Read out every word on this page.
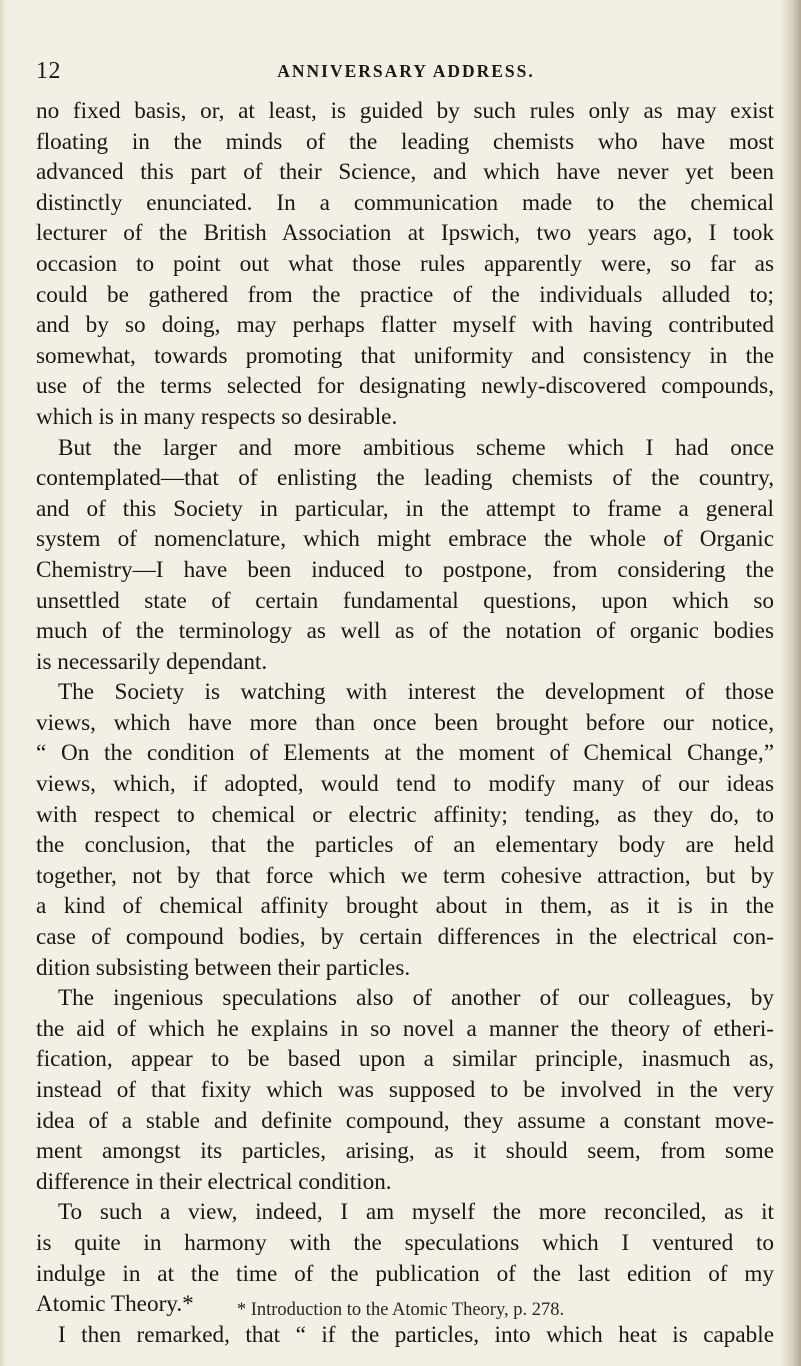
12	ANNIVERSARY ADDRESS.
no fixed basis, or, at least, is guided by such rules only as may exist
floating in the minds of the leading chemists who have most
advanced this part of their Science, and which have never yet been
distinctly enunciated. In a communication made to the chemical
lecturer of the British Association at Ipswich, two years ago, I took
occasion to point out what those rules apparently were, so far as
could be gathered from the practice of the individuals alluded to;
and by so doing, may perhaps flatter myself with having contributed
somewhat, towards promoting that uniformity and consistency in the
use of the terms selected for designating newly-discovered compounds,
which is in many respects so desirable.
But the larger and more ambitious scheme which I had once
contemplated—that of enlisting the leading chemists of the country,
and of this Society in particular, in the attempt to frame a general
system of nomenclature, which might embrace the whole of Organic
Chemistry—I have been induced to postpone, from considering the
unsettled state of certain fundamental questions, upon which so
much of the terminology as well as of the notation of organic bodies
is necessarily dependant.
The Society is watching with interest the development of those
views, which have more than once been brought before our notice,
“ On the condition of Elements at the moment of Chemical Change,”
views, which, if adopted, would tend to modify many of our ideas
with respect to chemical or electric affinity; tending, as they do, to
the conclusion, that the particles of an elementary body are held
together, not by that force which we term cohesive attraction, but by
a kind of chemical affinity brought about in them, as it is in the
case of compound bodies, by certain differences in the electrical con-
dition subsisting between their particles.
The ingenious speculations also of another of our colleagues, by
the aid of which he explains in so novel a manner the theory of etheri-
fication, appear to be based upon a similar principle, inasmuch as,
instead of that fixity which was supposed to be involved in the very
idea of a stable and definite compound, they assume a constant move-
ment amongst its particles, arising, as it should seem, from some
difference in their electrical condition.
To such a view, indeed, I am myself the more reconciled, as it
is quite in harmony with the speculations which I ventured to
indulge in at the time of the publication of the last edition of my
Atomic Theory.*
I then remarked, that “ if the particles, into which heat is capable
* Introduction to the Atomic Theory, p. 278.
